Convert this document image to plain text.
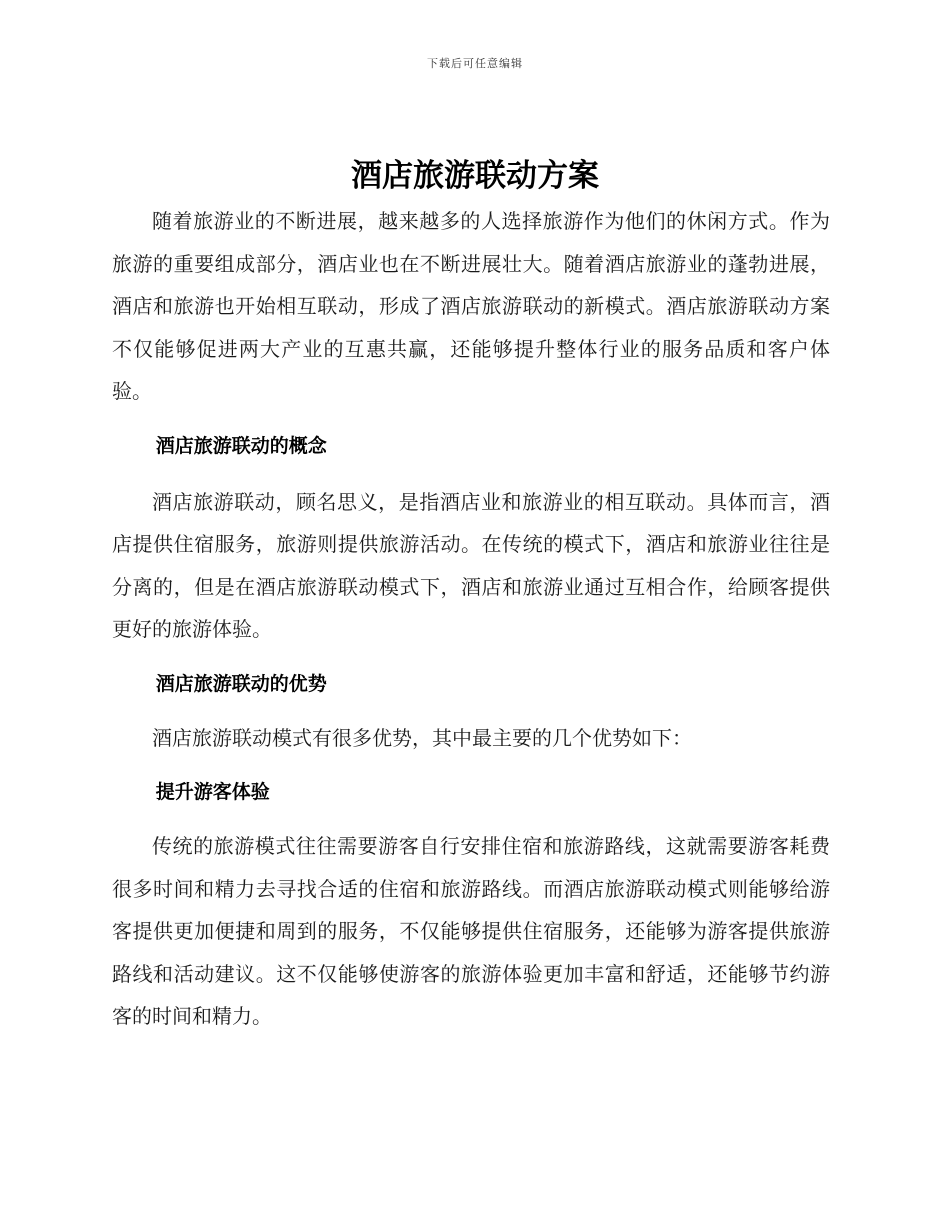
下载后可任意编辑
酒店旅游联动方案

随着旅游业的不断进展，越来越多的人选择旅游作为他们的休闲方式。作为旅游的重要组成部分，酒店业也在不断进展壮大。随着酒店旅游业的蓬勃进展，酒店和旅游也开始相互联动，形成了酒店旅游联动的新模式。酒店旅游联动方案不仅能够促进两大产业的互惠共赢，还能够提升整体行业的服务品质和客户体验。

酒店旅游联动的概念

酒店旅游联动，顾名思义，是指酒店业和旅游业的相互联动。具体而言，酒店提供住宿服务，旅游则提供旅游活动。在传统的模式下，酒店和旅游业往往是分离的，但是在酒店旅游联动模式下，酒店和旅游业通过互相合作，给顾客提供更好的旅游体验。

酒店旅游联动的优势

酒店旅游联动模式有很多优势，其中最主要的几个优势如下：

提升游客体验

传统的旅游模式往往需要游客自行安排住宿和旅游路线，这就需要游客耗费很多时间和精力去寻找合适的住宿和旅游路线。而酒店旅游联动模式则能够给游客提供更加便捷和周到的服务，不仅能够提供住宿服务，还能够为游客提供旅游路线和活动建议。这不仅能够使游客的旅游体验更加丰富和舒适，还能够节约游客的时间和精力。
